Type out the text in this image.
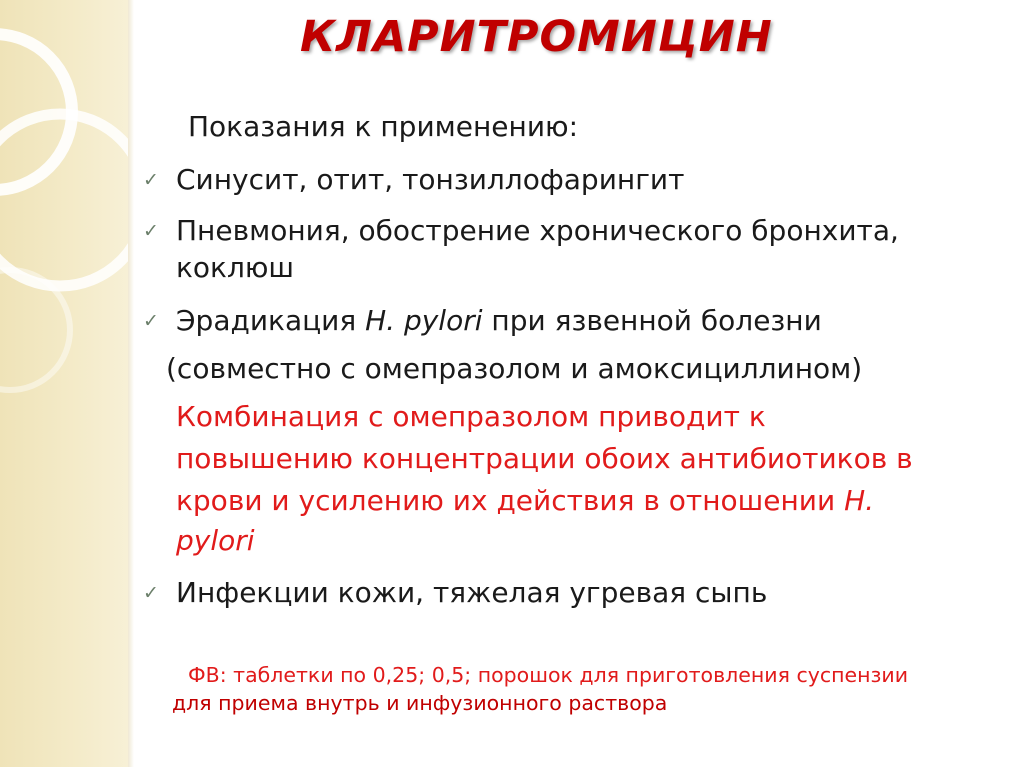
КЛАРИТРОМИЦИН
Показания к применению:
✓ Синусит, отит, тонзиллофарингит
✓ Пневмония, обострение хронического бронхита,
коклюш
✓ Эрадикация H. pylori при язвенной болезни
(совместно с омепразолом и амоксициллином)
Комбинация с омепразолом приводит к
повышению концентрации обоих антибиотиков в
крови и усилению их действия в отношении H.
pylori
✓ Инфекции кожи, тяжелая угревая сыпь
ФВ: таблетки по 0,25; 0,5; порошок для приготовления суспензии
для приема внутрь и инфузионного раствора
